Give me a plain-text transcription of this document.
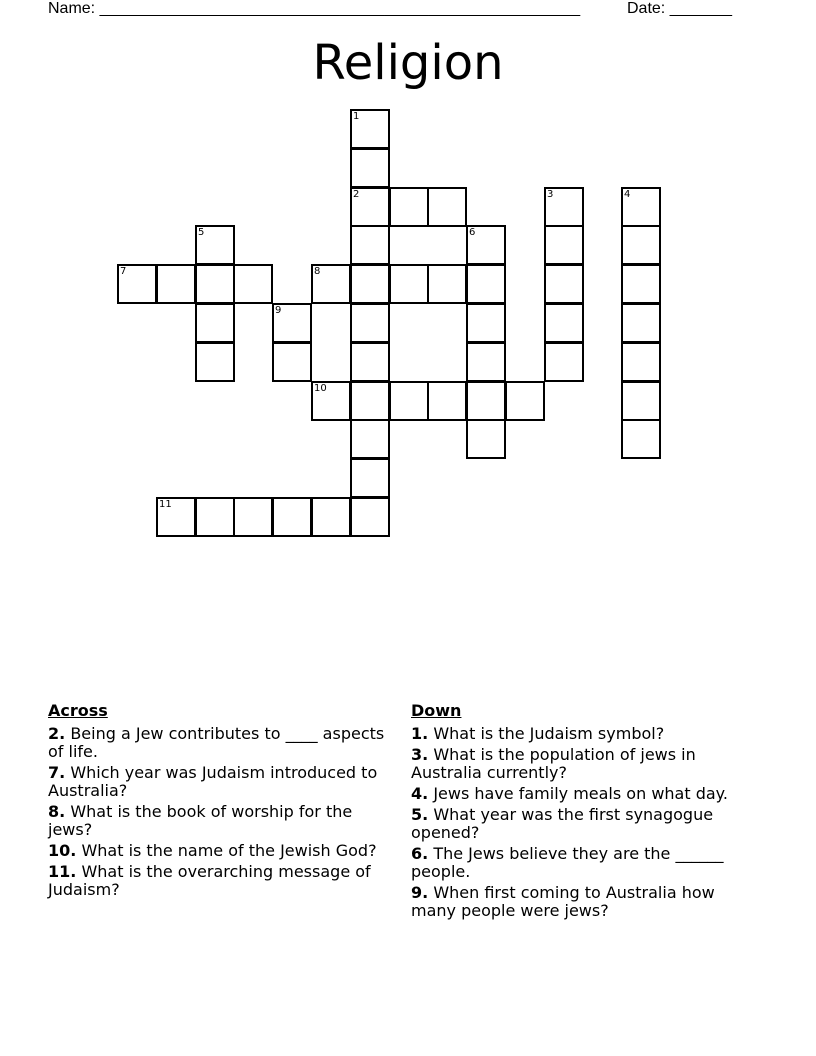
Name: ______________________________________________________	Date: _______
Religion
1
2	3	4
5	6
7	8
9
10
11
Across
2. Being a Jew contributes to ____ aspects of life.
7. Which year was Judaism introduced to Australia?
8. What is the book of worship for the jews?
10. What is the name of the Jewish God?
11. What is the overarching message of Judaism?
Down
1. What is the Judaism symbol?
3. What is the population of jews in Australia currently?
4. Jews have family meals on what day.
5. What year was the first synagogue opened?
6. The Jews believe they are the ______ people.
9. When first coming to Australia how many people were jews?
